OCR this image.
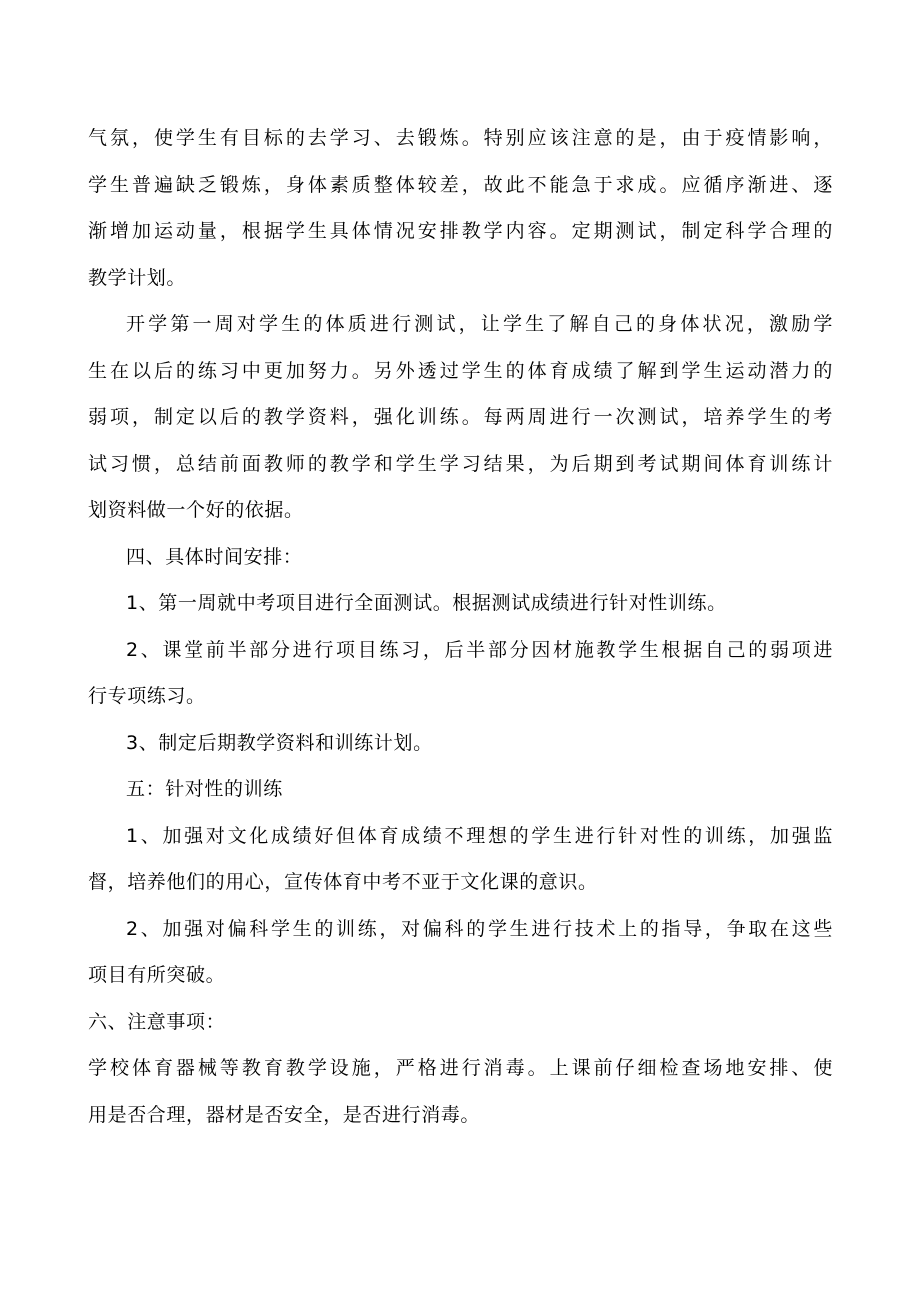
气氛，使学生有目标的去学习、去锻炼。特别应该注意的是，由于疫情影响，
学生普遍缺乏锻炼，身体素质整体较差，故此不能急于求成。应循序渐进、逐
渐增加运动量，根据学生具体情况安排教学内容。定期测试，制定科学合理的
教学计划。

开学第一周对学生的体质进行测试，让学生了解自己的身体状况，激励学
生在以后的练习中更加努力。另外透过学生的体育成绩了解到学生运动潜力的
弱项，制定以后的教学资料，强化训练。每两周进行一次测试，培养学生的考
试习惯，总结前面教师的教学和学生学习结果，为后期到考试期间体育训练计
划资料做一个好的依据。

四、具体时间安排：

1、第一周就中考项目进行全面测试。根据测试成绩进行针对性训练。

2、课堂前半部分进行项目练习，后半部分因材施教学生根据自己的弱项进
行专项练习。

3、制定后期教学资料和训练计划。

五：针对性的训练

1、加强对文化成绩好但体育成绩不理想的学生进行针对性的训练，加强监
督，培养他们的用心，宣传体育中考不亚于文化课的意识。

2、加强对偏科学生的训练，对偏科的学生进行技术上的指导，争取在这些
项目有所突破。

六、注意事项：

学校体育器械等教育教学设施，严格进行消毒。上课前仔细检查场地安排、使
用是否合理，器材是否安全，是否进行消毒。
